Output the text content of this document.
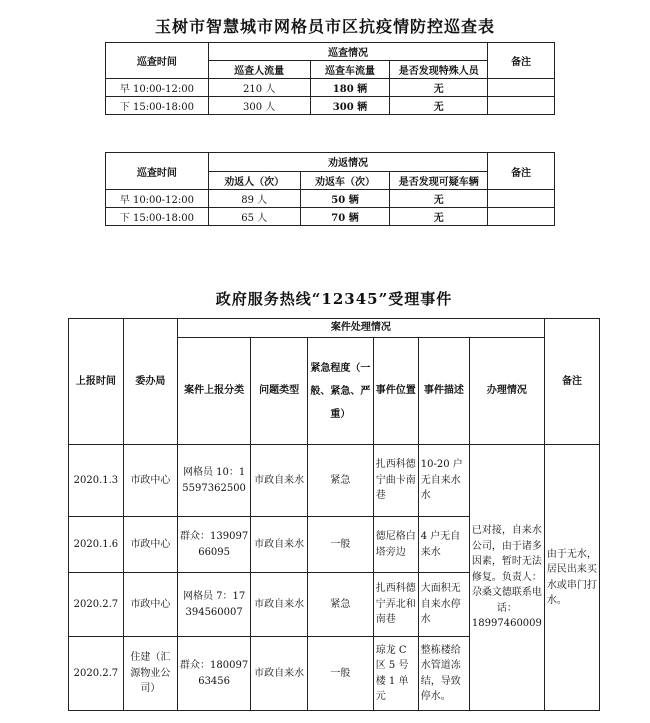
玉树市智慧城市网格员市区抗疫情防控巡查表
巡查时间	巡查情况			备注
	巡查人流量	巡查车流量	是否发现特殊人员	
早 10:00-12:00	210 人	180 辆	无	
下 15:00-18:00	300 人	300 辆	无	
巡查时间	劝返情况			备注
	劝返人（次）	劝返车（次）	是否发现可疑车辆	
早 10:00-12:00	89 人	50 辆	无	
下 15:00-18:00	65 人	70 辆	无	
政府服务热线“12345”受理事件								
上报时间	委办局	案件处理情况						备注
		案件上报分类	问题类型	紧急程度（一般、紧急、严重）	事件位置	事件描述	办理情况	
2020.1.3	市政中心	网格员 10：15597362500	市政自来水	紧急	扎西科德宁曲卡南巷	10-20 户无自来水水	已对接，自来水公司，由于诸多因素，暂时无法修复。负责人：尕桑文德联系电话：18997460009	由于无水，居民出来买水或串门打水。
2020.1.6	市政中心	群众：13909766095	市政自来水	一般	德尼格白塔旁边	4 户无自来水		
2020.2.7	市政中心	网格员 7：17394560007	市政自来水	紧急	扎西科德宁弄北和南巷	大面积无自来水停水		
2020.2.7	住建（汇源物业公司）	群众：18009763456	市政自来水	一般	琼龙 C 区 5 号楼 1 单元	整栋楼给水管道冻结，导致停水。		
